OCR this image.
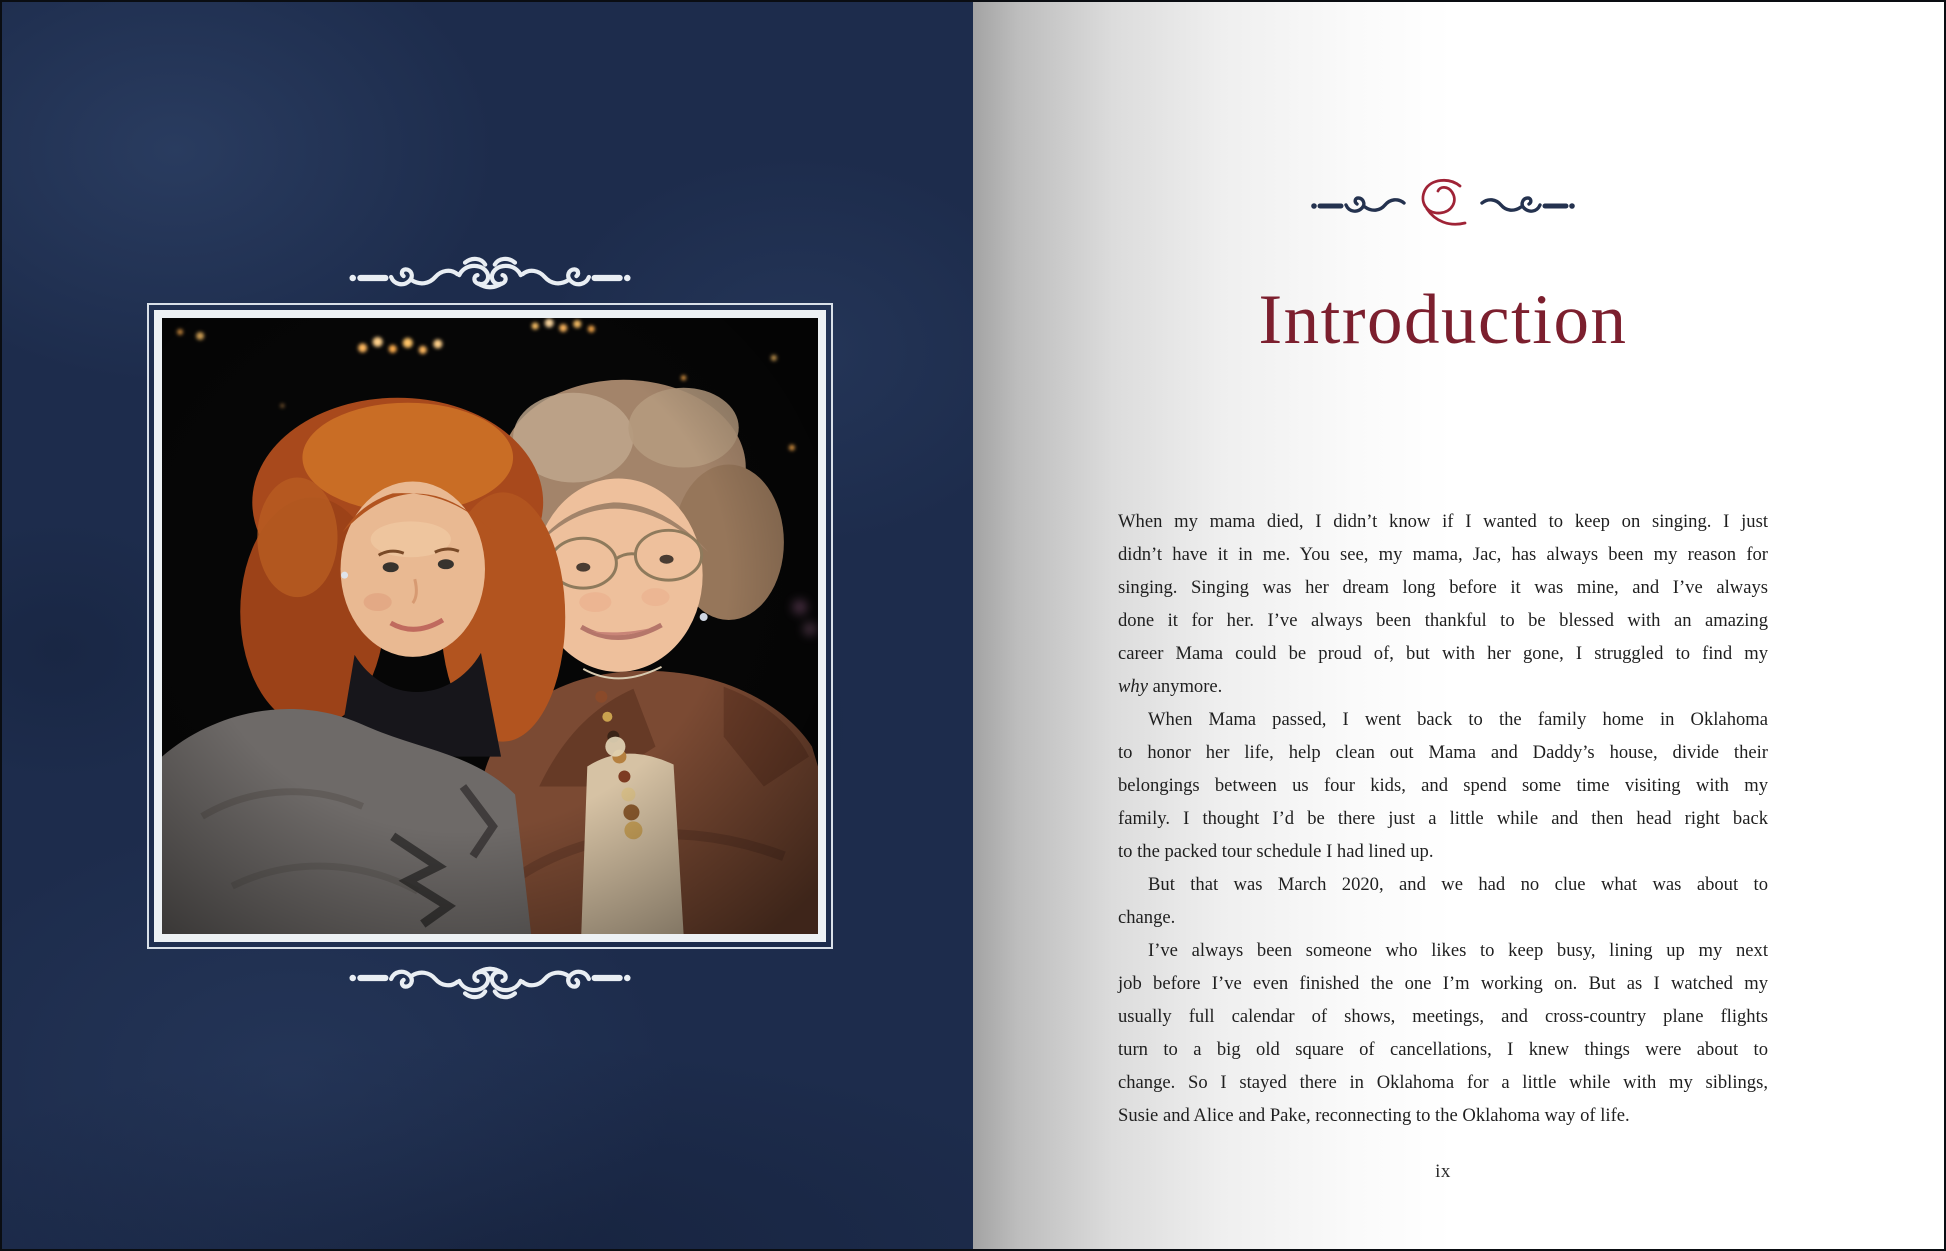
Introduction
When my mama died, I didn’t know if I wanted to keep on singing. I just
didn’t have it in me. You see, my mama, Jac, has always been my reason for
singing. Singing was her dream long before it was mine, and I’ve always
done it for her. I’ve always been thankful to be blessed with an amazing
career Mama could be proud of, but with her gone, I struggled to find my
why anymore.
When Mama passed, I went back to the family home in Oklahoma
to honor her life, help clean out Mama and Daddy’s house, divide their
belongings between us four kids, and spend some time visiting with my
family. I thought I’d be there just a little while and then head right back
to the packed tour schedule I had lined up.
But that was March 2020, and we had no clue what was about to
change.
I’ve always been someone who likes to keep busy, lining up my next
job before I’ve even finished the one I’m working on. But as I watched my
usually full calendar of shows, meetings, and cross-country plane flights
turn to a big old square of cancellations, I knew things were about to
change. So I stayed there in Oklahoma for a little while with my siblings,
Susie and Alice and Pake, reconnecting to the Oklahoma way of life.
ix
